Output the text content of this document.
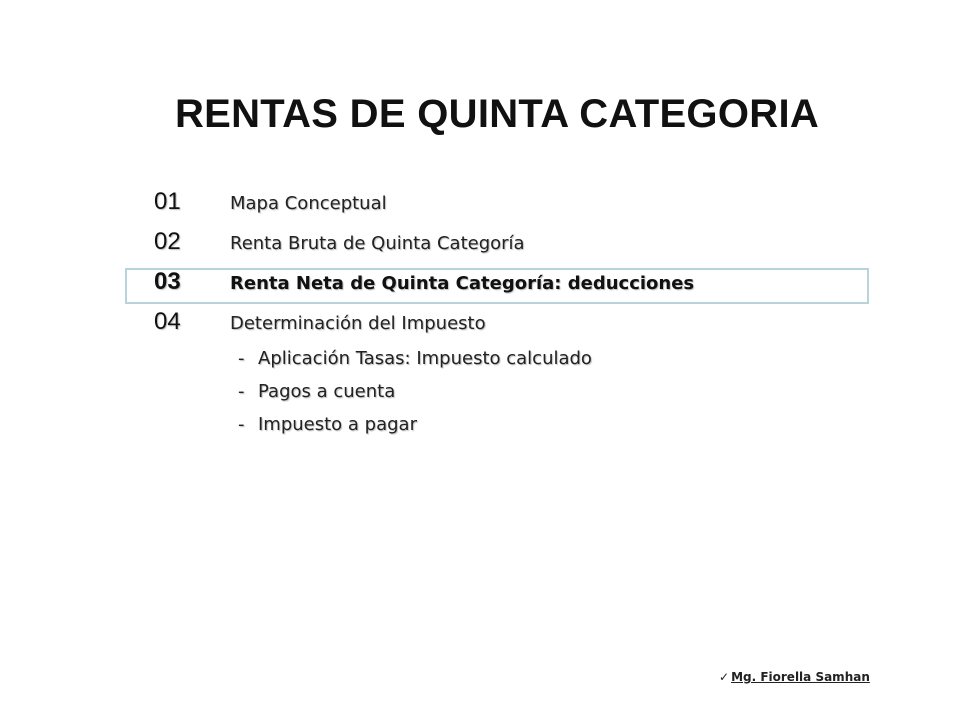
RENTAS DE QUINTA CATEGORIA
01	Mapa Conceptual
02	Renta Bruta de Quinta Categoría
03	Renta Neta de Quinta Categoría: deducciones
04	Determinación del Impuesto
- Aplicación Tasas: Impuesto calculado
- Pagos a cuenta
- Impuesto a pagar
✓ Mg. Fiorella Samhan
